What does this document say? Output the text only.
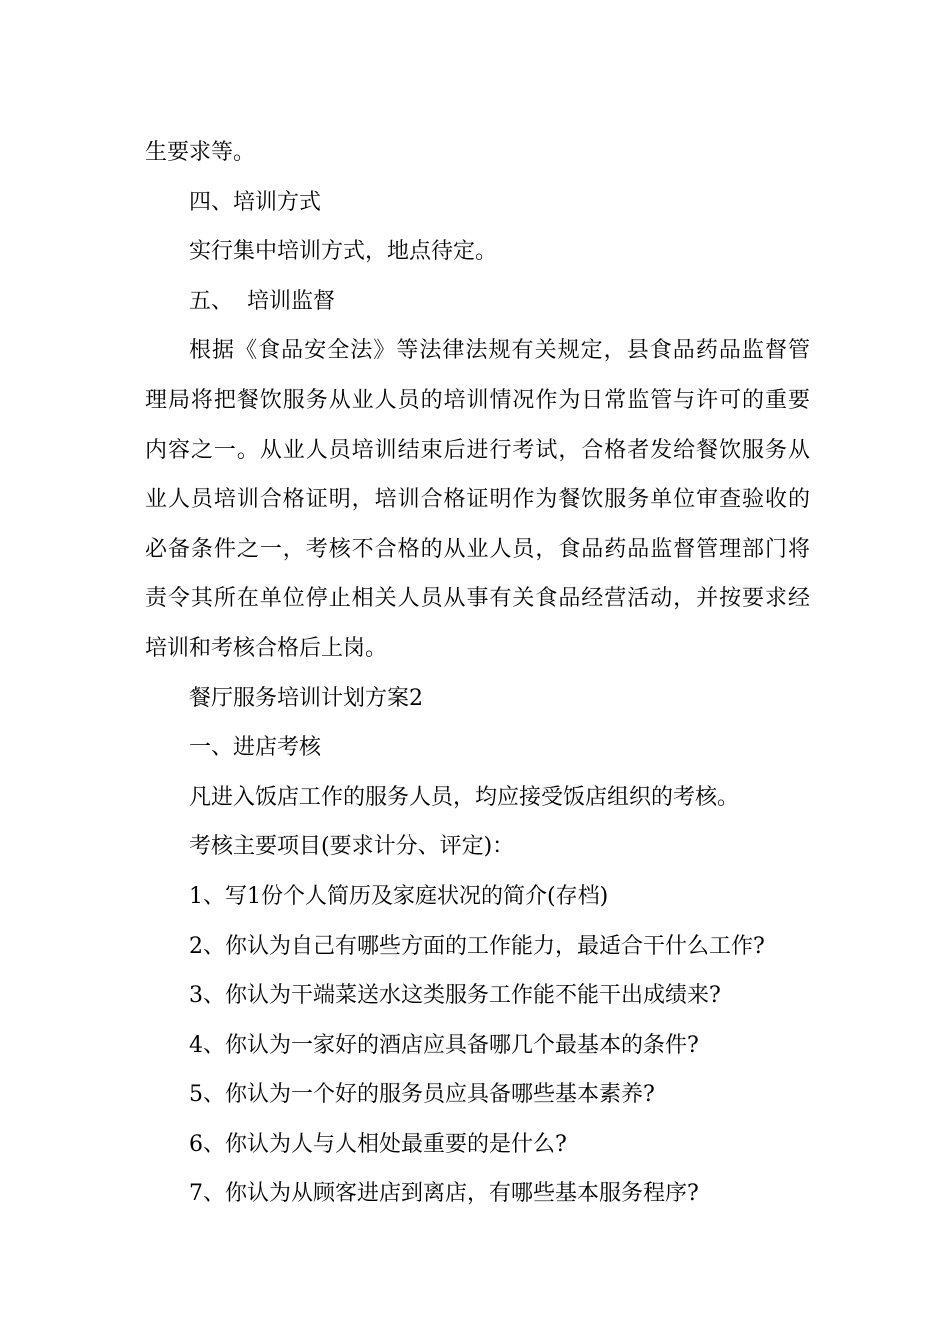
生要求等。
四、培训方式
实行集中培训方式，地点待定。
五、  培训监督
根据《食品安全法》等法律法规有关规定，县食品药品监督管
理局将把餐饮服务从业人员的培训情况作为日常监管与许可的重要
内容之一。从业人员培训结束后进行考试，合格者发给餐饮服务从
业人员培训合格证明，培训合格证明作为餐饮服务单位审查验收的
必备条件之一，考核不合格的从业人员，食品药品监督管理部门将
责令其所在单位停止相关人员从事有关食品经营活动，并按要求经
培训和考核合格后上岗。
餐厅服务培训计划方案2
一、进店考核
凡进入饭店工作的服务人员，均应接受饭店组织的考核。
考核主要项目(要求计分、评定)：
1、写1份个人简历及家庭状况的简介(存档)
2、你认为自己有哪些方面的工作能力，最适合干什么工作?
3、你认为干端菜送水这类服务工作能不能干出成绩来?
4、你认为一家好的酒店应具备哪几个最基本的条件?
5、你认为一个好的服务员应具备哪些基本素养?
6、你认为人与人相处最重要的是什么?
7、你认为从顾客进店到离店，有哪些基本服务程序?
